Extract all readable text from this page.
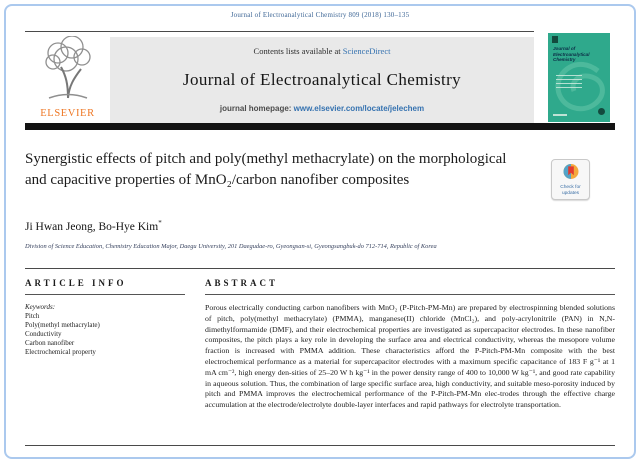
Journal of Electroanalytical Chemistry 809 (2018) 130–135
ELSEVIER
Contents lists available at ScienceDirect
Journal of Electroanalytical Chemistry
journal homepage: www.elsevier.com/locate/jelechem
Journal of Electroanalytical Chemistry
Synergistic effects of pitch and poly(methyl methacrylate) on the morphological and capacitive properties of MnO₂/carbon nanofiber composites	Check for updates
Ji Hwan Jeong, Bo-Hye Kim*
Division of Science Education, Chemistry Education Major, Daegu University, 201 Daegudae-ro, Gyeongsan-si, Gyeongsangbuk-do 712-714, Republic of Korea
ARTICLE INFO
Keywords:
Pitch
Poly(methyl methacrylate)
Conductivity
Carbon nanofiber
Electrochemical property
ABSTRACT

Porous electrically conducting carbon nanofibers with MnO₂ (P-Pitch-PM-Mn) are prepared by electrospinning blended solutions of pitch, poly(methyl methacrylate) (PMMA), manganese(II) chloride (MnCl₂), and poly-acrylonitrile (PAN) in N,N-dimethylformamide (DMF), and their electrochemical properties are investigated as supercapacitor electrodes. In these nanofiber composites, the pitch plays a key role in developing the surface area and electrical conductivity, whereas the mesopore volume fraction is increased with PMMA addition. These characteristics afford the P-Pitch-PM-Mn composite with the best electrochemical performance as a material for supercapacitor electrodes with a maximum specific capacitance of 183 F g⁻¹ at 1 mA cm⁻², high energy den-sities of 25–20 W h kg⁻¹ in the power density range of 400 to 10,000 W kg⁻¹, and good rate capability in aqueous solution. Thus, the combination of large specific surface area, high conductivity, and suitable meso-porosity induced by pitch and PMMA improves the electrochemical performance of the P-Pitch-PM-Mn elec-trodes through the effective charge accumulation at the electrode/electrolyte double-layer interfaces and rapid pathways for electrolyte transportation.
